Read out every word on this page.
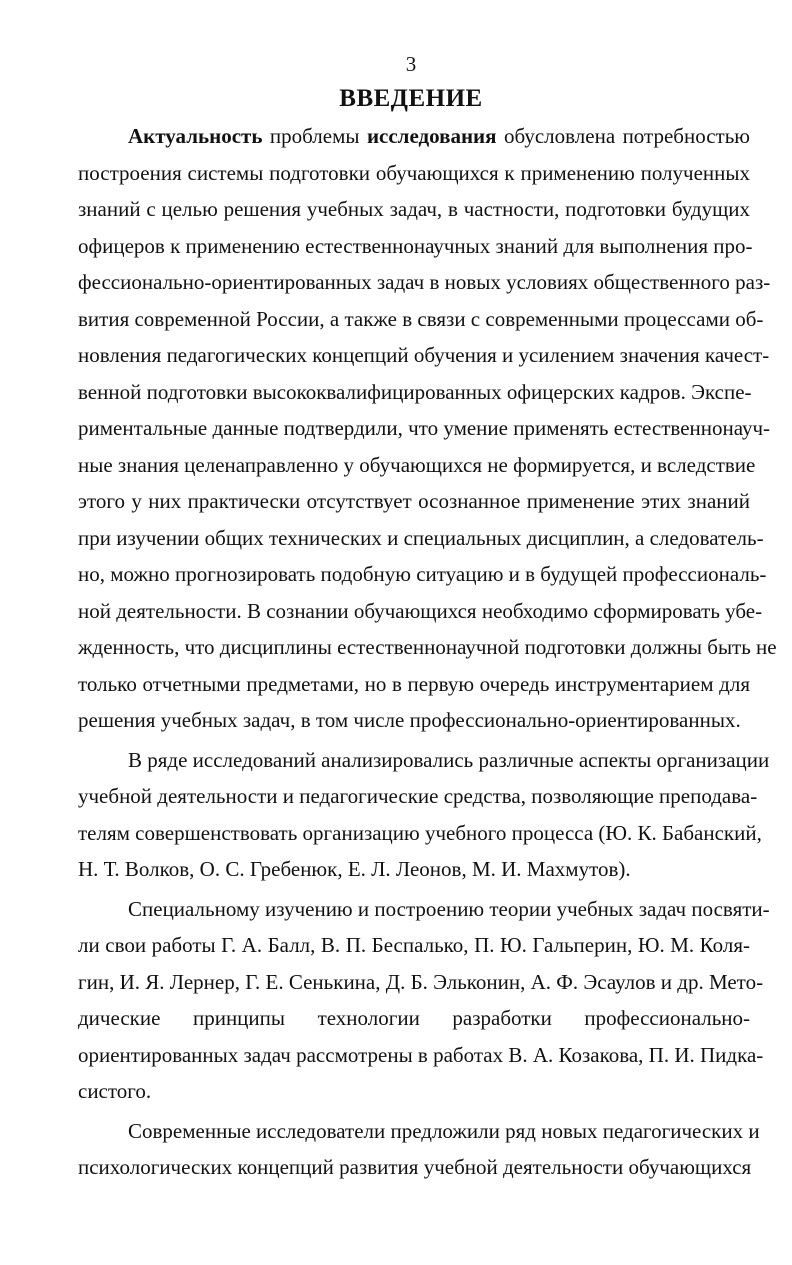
3
ВВЕДЕНИЕ
Актуальность проблемы исследования обусловлена потребностью
построения системы подготовки обучающихся к применению полученных
знаний с целью решения учебных задач, в частности, подготовки будущих
офицеров к применению естественнонаучных знаний для выполнения про-
фессионально-ориентированных задач в новых условиях общественного раз-
вития современной России, а также в связи с современными процессами об-
новления педагогических концепций обучения и усилением значения качест-
венной подготовки высококвалифицированных офицерских кадров. Экспе-
риментальные данные подтвердили, что умение применять естественнонауч-
ные знания целенаправленно у обучающихся не формируется, и вследствие
этого у них практически отсутствует осознанное применение этих знаний
при изучении общих технических и специальных дисциплин, а следователь-
но, можно прогнозировать подобную ситуацию и в будущей профессиональ-
ной деятельности. В сознании обучающихся необходимо сформировать убе-
жденность, что дисциплины естественнонаучной подготовки должны быть не
только отчетными предметами, но в первую очередь инструментарием для
решения учебных задач, в том числе профессионально-ориентированных.
В ряде исследований анализировались различные аспекты организации
учебной деятельности и педагогические средства, позволяющие преподава-
телям совершенствовать организацию учебного процесса (Ю. К. Бабанский,
Н. Т. Волков, О. С. Гребенюк, Е. Л. Леонов, М. И. Махмутов).
Специальному изучению и построению теории учебных задач посвяти-
ли свои работы Г. А. Балл, В. П. Беспалько, П. Ю. Гальперин, Ю. М. Коля-
гин, И. Я. Лернер, Г. Е. Сенькина, Д. Б. Эльконин, А. Ф. Эсаулов и др. Мето-
дические принципы технологии разработки профессионально-
ориентированных задач рассмотрены в работах В. А. Козакова, П. И. Пидка-
систого.
Современные исследователи предложили ряд новых педагогических и
психологических концепций развития учебной деятельности обучающихся
